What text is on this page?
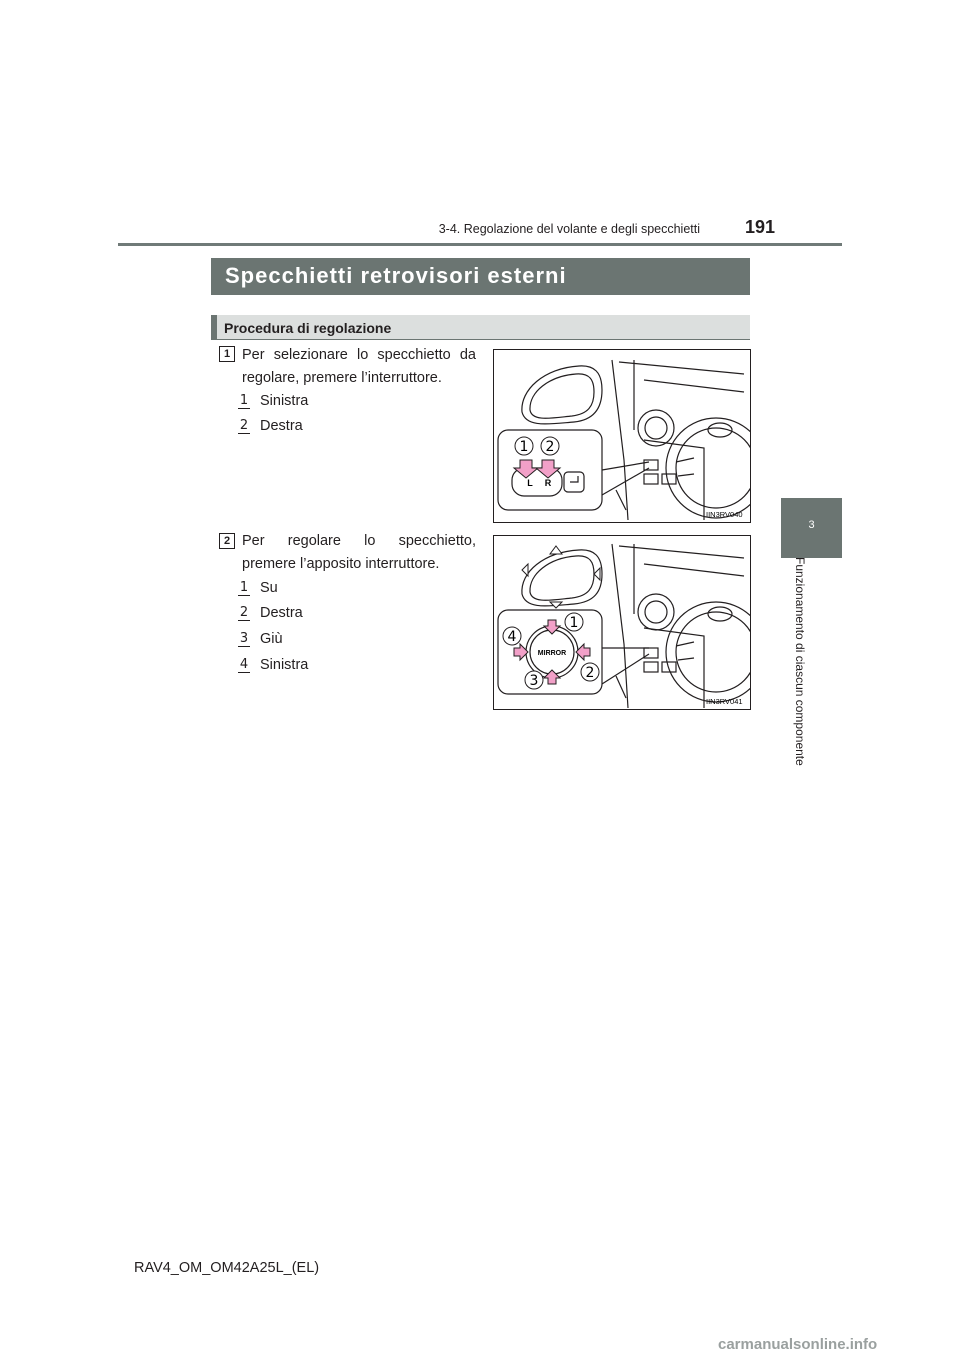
3-4. Regolazione del volante e degli specchietti	191
3
Funzionamento di ciascun componente
Specchietti retrovisori esterni
Procedura di regolazione
1 Per selezionare lo specchietto da regolare, premere l’interruttore.
1 Sinistra
2 Destra
1 2
L R
IIN3RV040
2 Per regolare lo specchietto, premere l’apposito interruttore.
1 Su
2 Destra
3 Giù
4 Sinistra
1
2
3
4
MIRROR
IIN3RV041
RAV4_OM_OM42A25L_(EL)
carmanualsonline.info
